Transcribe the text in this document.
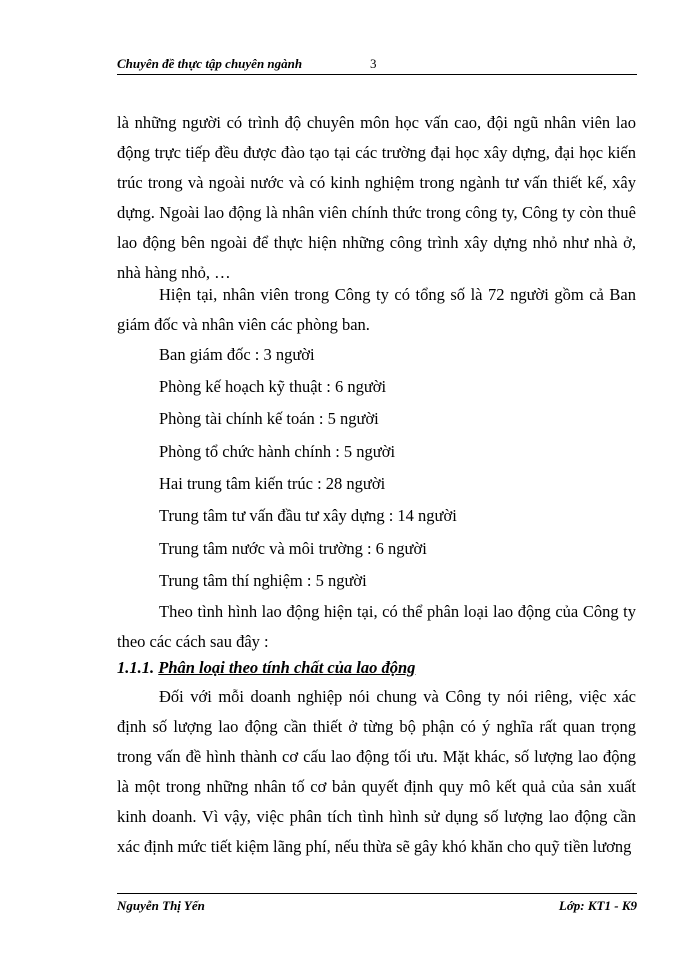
Chuyên đề thực tập chuyên ngành	3
là những người có trình độ chuyên môn học vấn cao, đội ngũ nhân viên lao động trực tiếp đều được đào tạo tại các trường đại học xây dựng, đại học kiến trúc trong và ngoài nước và có kinh nghiệm trong ngành tư vấn thiết kế, xây dựng. Ngoài lao động là nhân viên chính thức trong công ty, Công ty còn thuê lao động bên ngoài để thực hiện những công trình xây dựng nhỏ như nhà ở, nhà hàng nhỏ, …
Hiện tại, nhân viên trong Công ty có tổng số là 72 người gồm cả Ban giám đốc và nhân viên các phòng ban.
Ban giám đốc : 3 người
Phòng kế hoạch kỹ thuật : 6 người
Phòng tài chính kế toán : 5 người
Phòng tổ chức hành chính : 5 người
Hai trung tâm kiến trúc : 28 người
Trung tâm tư vấn đầu tư xây dựng : 14 người
Trung tâm nước và môi trường : 6 người
Trung tâm thí nghiệm : 5 người
Theo tình hình lao động hiện tại, có thể phân loại lao động của Công ty theo các cách sau đây :
1.1.1. Phân loại theo tính chất của lao động
Đối với mỗi doanh nghiệp nói chung và Công ty nói riêng, việc xác định số lượng lao động cần thiết ở từng bộ phận có ý nghĩa rất quan trọng trong vấn đề hình thành cơ cấu lao động tối ưu. Mặt khác, số lượng lao động là một trong những nhân tố cơ bản quyết định quy mô kết quả của sản xuất kinh doanh. Vì vậy, việc phân tích tình hình sử dụng số lượng lao động cần xác định mức tiết kiệm lãng phí, nếu thừa sẽ gây khó khăn cho quỹ tiền lương
Nguyễn Thị Yến	Lớp: KT1 - K9
